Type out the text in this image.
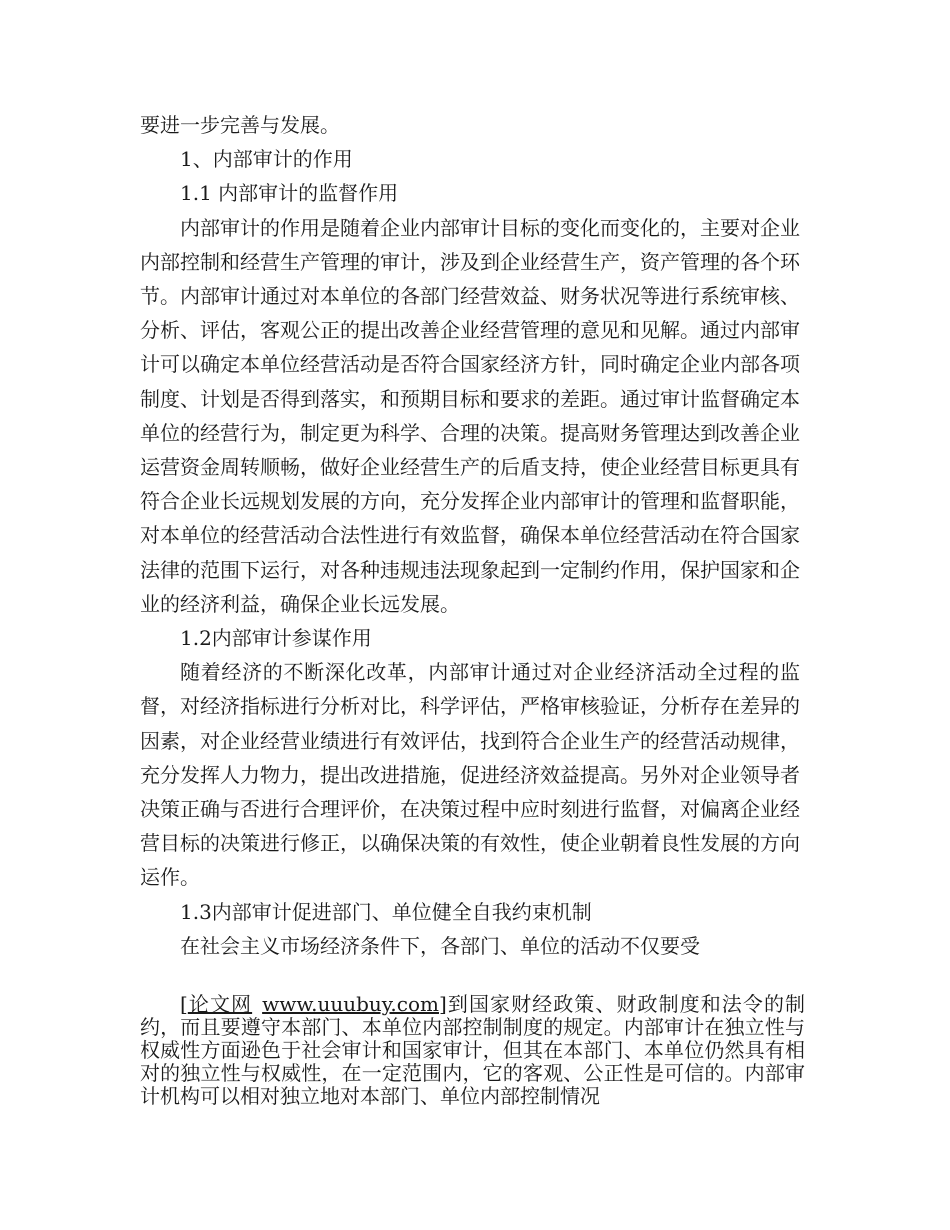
要进一步完善与发展。

1、内部审计的作用

1.1 内部审计的监督作用

内部审计的作用是随着企业内部审计目标的变化而变化的，主要对企业内部控制和经营生产管理的审计，涉及到企业经营生产，资产管理的各个环节。内部审计通过对本单位的各部门经营效益、财务状况等进行系统审核、分析、评估，客观公正的提出改善企业经营管理的意见和见解。通过内部审计可以确定本单位经营活动是否符合国家经济方针，同时确定企业内部各项制度、计划是否得到落实，和预期目标和要求的差距。通过审计监督确定本单位的经营行为，制定更为科学、合理的决策。提高财务管理达到改善企业运营资金周转顺畅，做好企业经营生产的后盾支持，使企业经营目标更具有符合企业长远规划发展的方向，充分发挥企业内部审计的管理和监督职能，对本单位的经营活动合法性进行有效监督，确保本单位经营活动在符合国家法律的范围下运行，对各种违规违法现象起到一定制约作用，保护国家和企业的经济利益，确保企业长远发展。

1.2内部审计参谋作用

随着经济的不断深化改革，内部审计通过对企业经济活动全过程的监督，对经济指标进行分析对比，科学评估，严格审核验证，分析存在差异的因素，对企业经营业绩进行有效评估，找到符合企业生产的经营活动规律，充分发挥人力物力，提出改进措施，促进经济效益提高。另外对企业领导者决策正确与否进行合理评价，在决策过程中应时刻进行监督，对偏离企业经营目标的决策进行修正，以确保决策的有效性，使企业朝着良性发展的方向运作。

1.3内部审计促进部门、单位健全自我约束机制

在社会主义市场经济条件下，各部门、单位的活动不仅要受

[论文网 www.uuubuy.com]到国家财经政策、财政制度和法令的制约，而且要遵守本部门、本单位内部控制制度的规定。内部审计在独立性与权威性方面逊色于社会审计和国家审计，但其在本部门、本单位仍然具有相对的独立性与权威性，在一定范围内，它的客观、公正性是可信的。内部审计机构可以相对独立地对本部门、单位内部控制情况
